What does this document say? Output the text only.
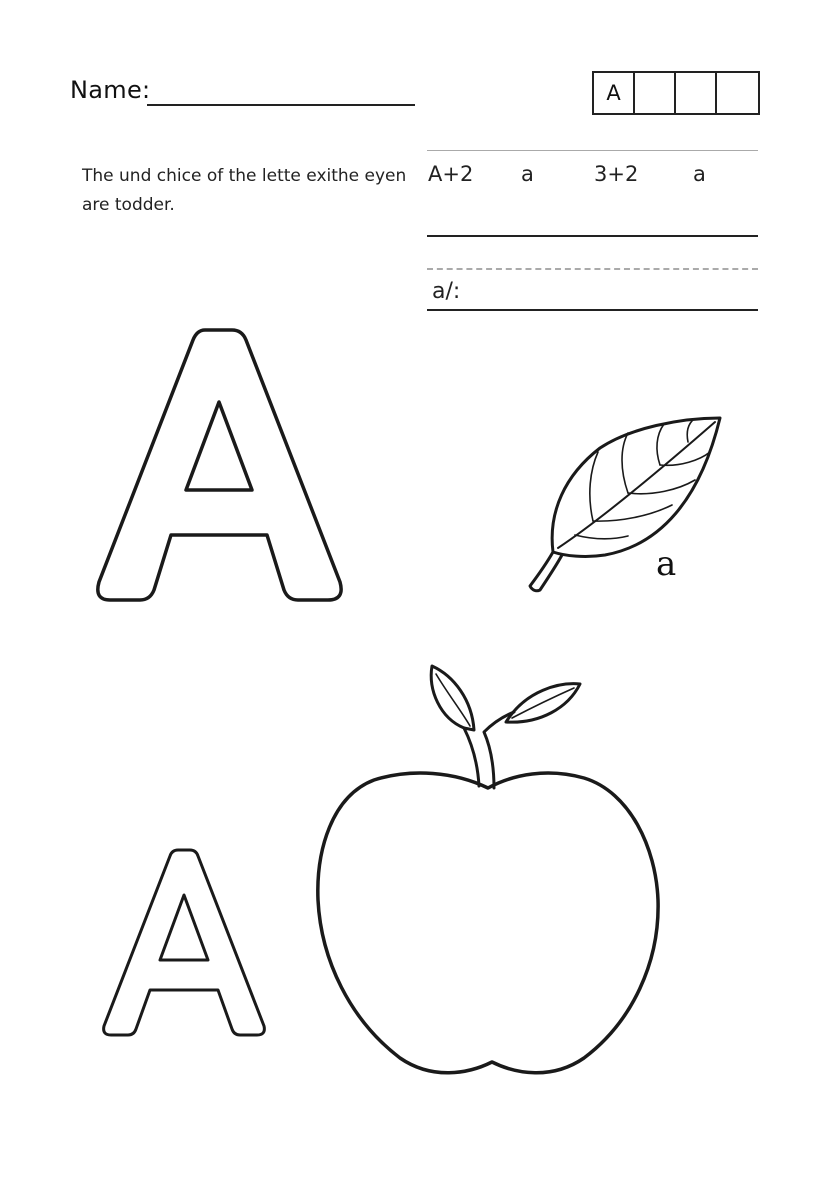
Name:	A
The und chice of the lette exithe eyen are todder.
A+2 a	3+2	a
a/:
a
